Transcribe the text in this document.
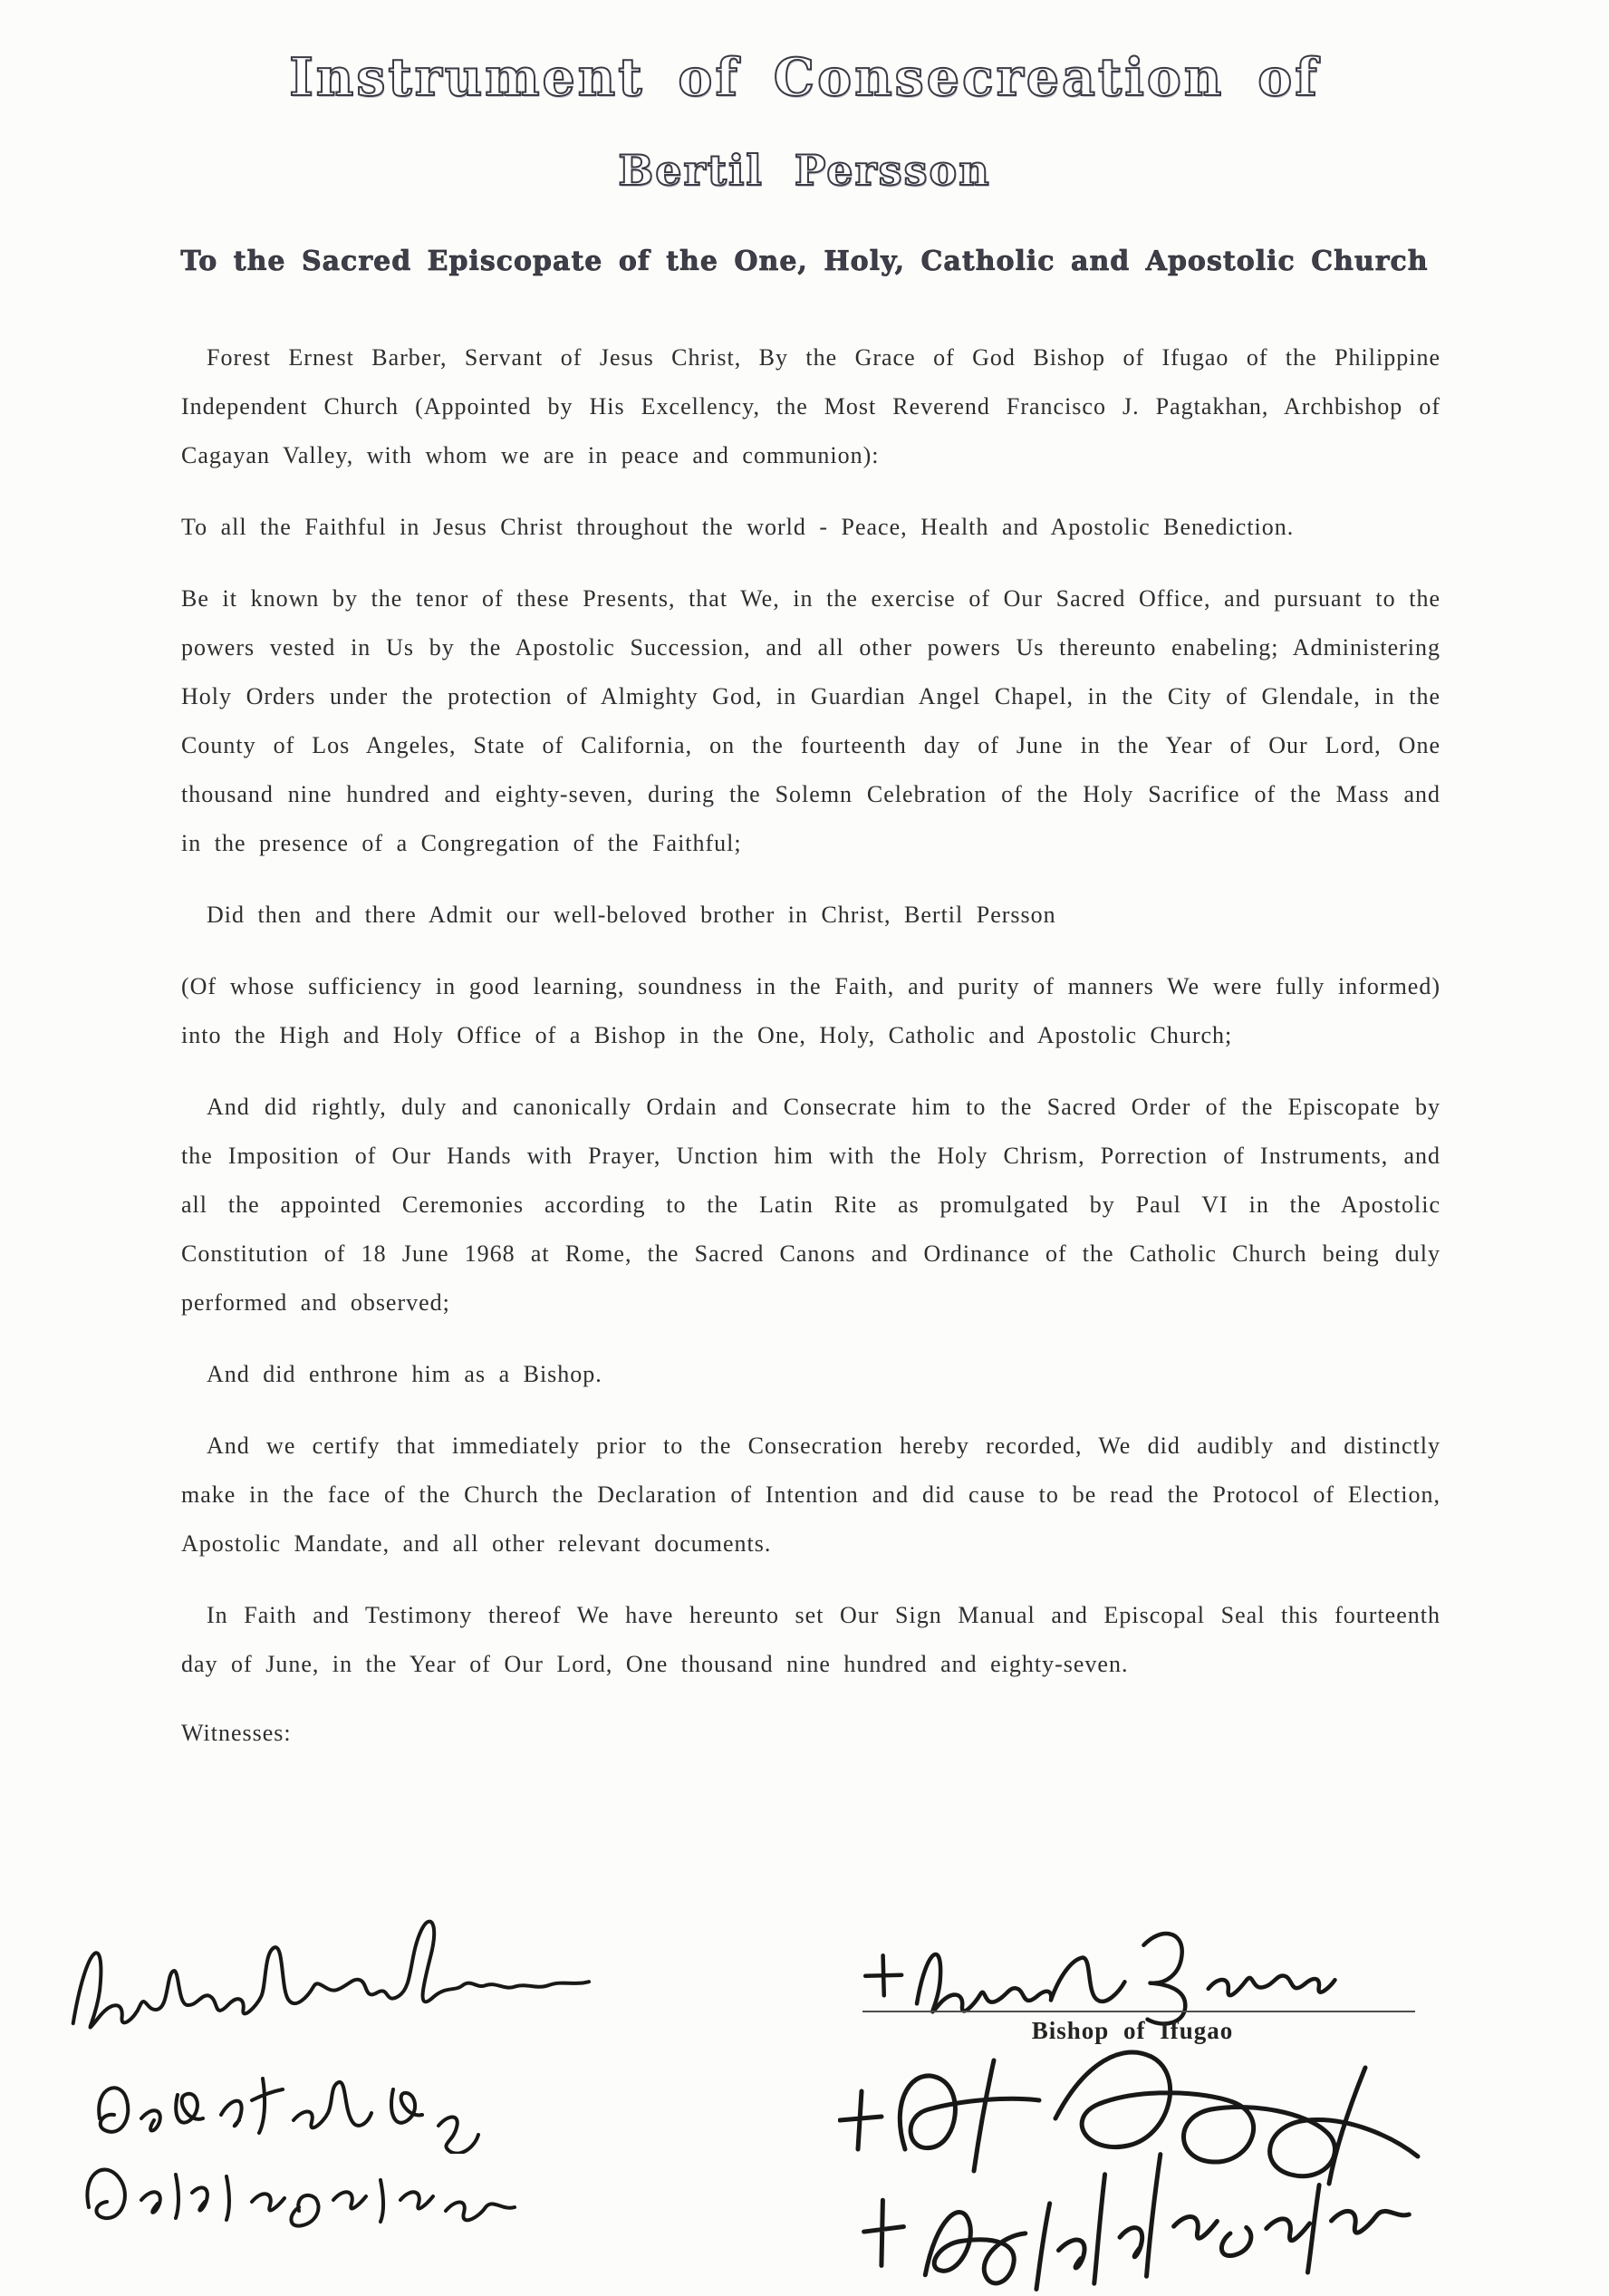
Instrument of Consecreation of
Bertil Persson
To the Sacred Episcopate of the One, Holy, Catholic and Apostolic Church

Forest Ernest Barber, Servant of Jesus Christ, By the Grace of God Bishop of Ifugao of the Philippine Independent Church (Appointed by His Excellency, the Most Reverend Francisco J. Pagtakhan, Archbishop of Cagayan Valley, with whom we are in peace and communion):

To all the Faithful in Jesus Christ throughout the world - Peace, Health and Apostolic Benediction.

Be it known by the tenor of these Presents, that We, in the exercise of Our Sacred Office, and pursuant to the powers vested in Us by the Apostolic Succession, and all other powers Us thereunto enabeling; Administering Holy Orders under the protection of Almighty God, in Guardian Angel Chapel, in the City of Glendale, in the County of Los Angeles, State of California, on the fourteenth day of June in the Year of Our Lord, One thousand nine hundred and eighty-seven, during the Solemn Celebration of the Holy Sacrifice of the Mass and in the presence of a Congregation of the Faithful;

Did then and there Admit our well-beloved brother in Christ, Bertil Persson

(Of whose sufficiency in good learning, soundness in the Faith, and purity of manners We were fully informed) into the High and Holy Office of a Bishop in the One, Holy, Catholic and Apostolic Church;

And did rightly, duly and canonically Ordain and Consecrate him to the Sacred Order of the Episcopate by the Imposition of Our Hands with Prayer, Unction him with the Holy Chrism, Porrection of Instruments, and all the appointed Ceremonies according to the Latin Rite as promulgated by Paul VI in the Apostolic Constitution of 18 June 1968 at Rome, the Sacred Canons and Ordinance of the Catholic Church being duly performed and observed;

And did enthrone him as a Bishop.

And we certify that immediately prior to the Consecration hereby recorded, We did audibly and distinctly make in the face of the Church the Declaration of Intention and did cause to be read the Protocol of Election, Apostolic Mandate, and all other relevant documents.

In Faith and Testimony thereof We have hereunto set Our Sign Manual and Episcopal Seal this fourteenth day of June, in the Year of Our Lord, One thousand nine hundred and eighty-seven.

Witnesses:

Bishop of Ifugao
